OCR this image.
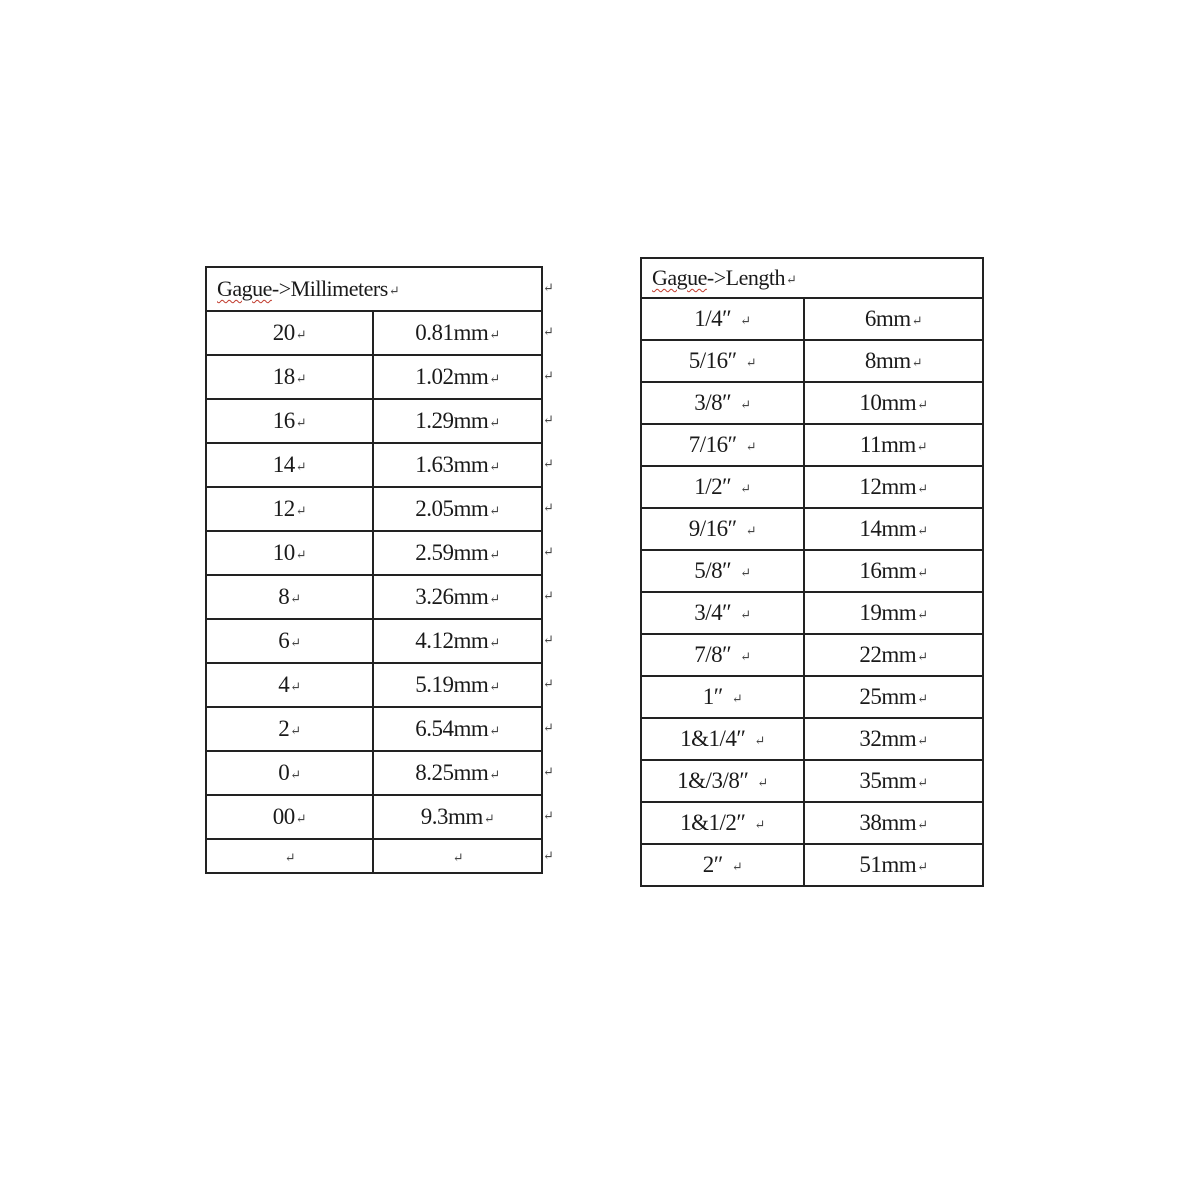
Gague->Millimeters↵	
20↵	0.81mm↵
18↵	1.02mm↵
16↵	1.29mm↵
14↵	1.63mm↵
12↵	2.05mm↵
10↵	2.59mm↵
8↵	3.26mm↵
6↵	4.12mm↵
4↵	5.19mm↵
2↵	6.54mm↵
0↵	8.25mm↵
00↵	9.3mm↵
↵	↵
↵
↵
↵
↵
↵
↵
↵
↵
↵
↵
↵
↵
↵
↵
Gague->Length↵	
1/4″ ↵	6mm↵
5/16″ ↵	8mm↵
3/8″ ↵	10mm↵
7/16″ ↵	11mm↵
1/2″ ↵	12mm↵
9/16″ ↵	14mm↵
5/8″ ↵	16mm↵
3/4″ ↵	19mm↵
7/8″ ↵	22mm↵
1″ ↵	25mm↵
1&1/4″ ↵	32mm↵
1&/3/8″ ↵	35mm↵
1&1/2″ ↵	38mm↵
2″ ↵	51mm↵
